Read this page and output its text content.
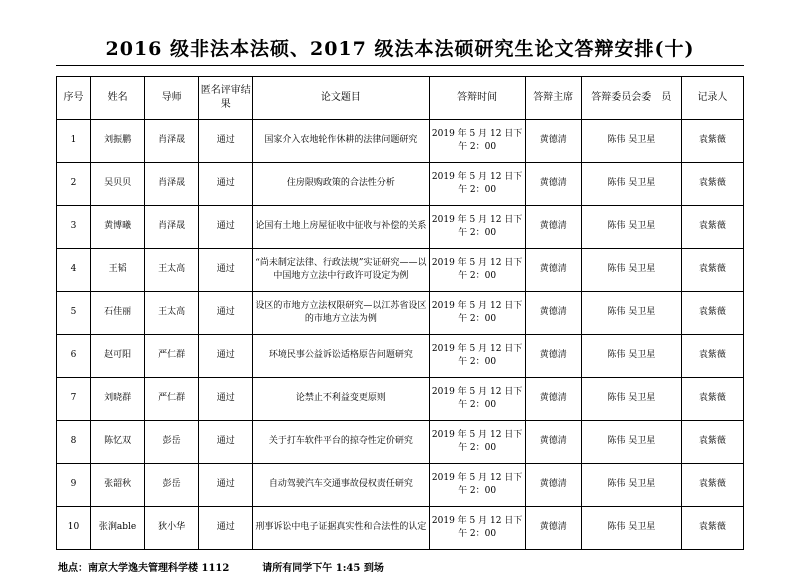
2016 级非法本法硕、2017 级法本法硕研究生论文答辩安排(十)
序号	姓名	导师	匿名评审结果	论文题目	答辩时间	答辩主席	答辩委员会委　员	记录人
1	刘振鹏	肖泽晟	通过	国家介入农地轮作休耕的法律问题研究	2019 年 5 月 12 日下午 2：00	黄德清	陈伟 吴卫星	袁紫薇
2	吴贝贝	肖泽晟	通过	住房限购政策的合法性分析	2019 年 5 月 12 日下午 2：00	黄德清	陈伟 吴卫星	袁紫薇
3	黄博曦	肖泽晟	通过	论国有土地上房屋征收中征收与补偿的关系	2019 年 5 月 12 日下午 2：00	黄德清	陈伟 吴卫星	袁紫薇
4	王韬	王太高	通过	“尚未制定法律、行政法规”实证研究——以中国地方立法中行政许可设定为例	2019 年 5 月 12 日下午 2：00	黄德清	陈伟 吴卫星	袁紫薇
5	石佳丽	王太高	通过	设区的市地方立法权限研究—以江苏省设区的市地方立法为例	2019 年 5 月 12 日下午 2：00	黄德清	陈伟 吴卫星	袁紫薇
6	赵可阳	严仁群	通过	环境民事公益诉讼适格原告问题研究	2019 年 5 月 12 日下午 2：00	黄德清	陈伟 吴卫星	袁紫薇
7	刘晓群	严仁群	通过	论禁止不利益变更原则	2019 年 5 月 12 日下午 2：00	黄德清	陈伟 吴卫星	袁紫薇
8	陈忆双	彭岳	通过	关于打车软件平台的掠夺性定价研究	2019 年 5 月 12 日下午 2：00	黄德清	陈伟 吴卫星	袁紫薇
9	张韶秋	彭岳	通过	自动驾驶汽车交通事故侵权责任研究	2019 年 5 月 12 日下午 2：00	黄德清	陈伟 吴卫星	袁紫薇
10	张涧able	狄小华	通过	刑事诉讼中电子证据真实性和合法性的认定	2019 年 5 月 12 日下午 2：00	黄德清	陈伟 吴卫星	袁紫薇
地点：南京大学逸夫管理科学楼 1112	请所有同学下午 1:45 到场
